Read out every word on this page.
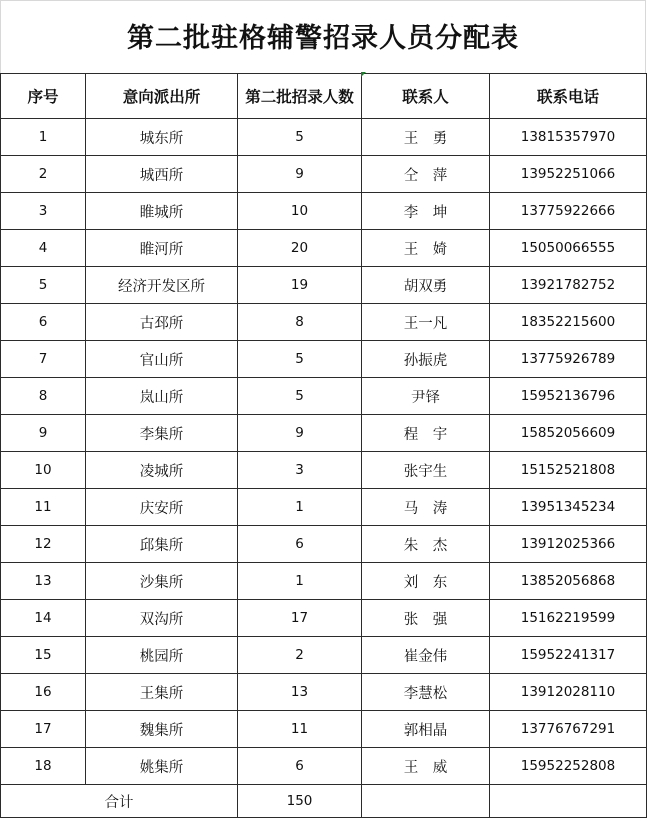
第二批驻格辅警招录人员分配表
序号	意向派出所	第二批招录人数	联系人	联系电话
1	城东所	5	王　勇	13815357970
2	城西所	9	仝　萍	13952251066
3	睢城所	10	李　坤	13775922666
4	睢河所	20	王　婍	15050066555
5	经济开发区所	19	胡双勇	13921782752
6	古邳所	8	王一凡	18352215600
7	官山所	5	孙振虎	13775926789
8	岚山所	5	尹铎	15952136796
9	李集所	9	程　宇	15852056609
10	凌城所	3	张宇生	15152521808
11	庆安所	1	马　涛	13951345234
12	邱集所	6	朱　杰	13912025366
13	沙集所	1	刘　东	13852056868
14	双沟所	17	张　强	15162219599
15	桃园所	2	崔金伟	15952241317
16	王集所	13	李慧松	13912028110
17	魏集所	11	郭相晶	13776767291
18	姚集所	6	王　威	15952252808
合计		150		
